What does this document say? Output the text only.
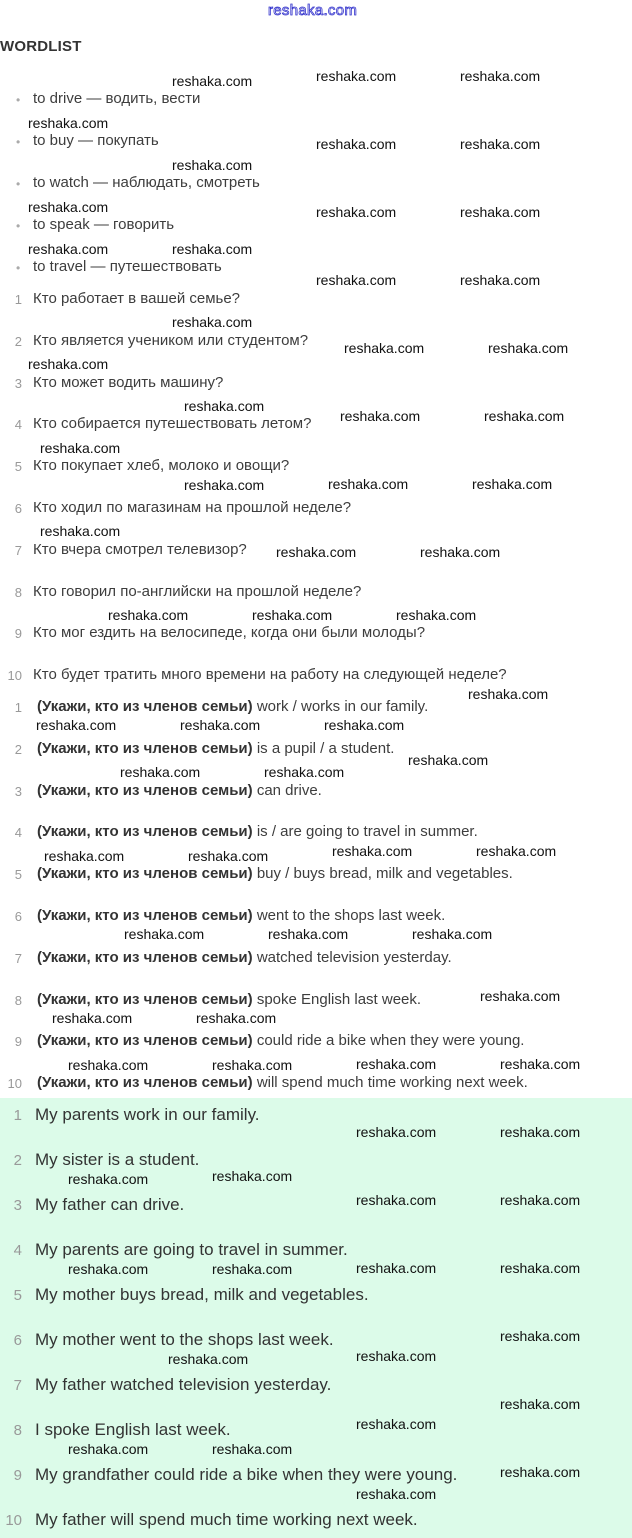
reshaka.com
WORDLIST
• to drive — водить, вести
• to buy — покупать
• to watch — наблюдать, смотреть
• to speak — говорить
• to travel — путешествовать
1 Кто работает в вашей семье?
2 Кто является учеником или студентом?
3 Кто может водить машину?
4 Кто собирается путешествовать летом?
5 Кто покупает хлеб, молоко и овощи?
6 Кто ходил по магазинам на прошлой неделе?
7 Кто вчера смотрел телевизор?
8 Кто говорил по-английски на прошлой неделе?
9 Кто мог ездить на велосипеде, когда они были молоды?
10 Кто будет тратить много времени на работу на следующей неделе?
1 (Укажи, кто из членов семьи) work / works in our family.
2 (Укажи, кто из членов семьи) is a pupil / a student.
3 (Укажи, кто из членов семьи) can drive.
4 (Укажи, кто из членов семьи) is / are going to travel in summer.
5 (Укажи, кто из членов семьи) buy / buys bread, milk and vegetables.
6 (Укажи, кто из членов семьи) went to the shops last week.
7 (Укажи, кто из членов семьи) watched television yesterday.
8 (Укажи, кто из членов семьи) spoke English last week.
9 (Укажи, кто из членов семьи) could ride a bike when they were young.
10 (Укажи, кто из членов семьи) will spend much time working next week.
1 My parents work in our family.
2 My sister is a student.
3 My father can drive.
4 My parents are going to travel in summer.
5 My mother buys bread, milk and vegetables.
6 My mother went to the shops last week.
7 My father watched television yesterday.
8 I spoke English last week.
9 My grandfather could ride a bike when they were young.
10 My father will spend much time working next week.
reshaka.com	reshaka.com	reshaka.com
reshaka.com
reshaka.com	reshaka.com
reshaka.com
reshaka.com	reshaka.com	reshaka.com
reshaka.com
reshaka.com
reshaka.com	reshaka.com
reshaka.com
reshaka.com	reshaka.com
reshaka.com
reshaka.com
reshaka.com	reshaka.com
reshaka.com
reshaka.com	reshaka.com	reshaka.com
reshaka.com
reshaka.com	reshaka.com
reshaka.com	reshaka.com	reshaka.com
reshaka.com	reshaka.com	reshaka.com
reshaka.com
reshaka.com
reshaka.com	reshaka.com
reshaka.com	reshaka.com
reshaka.com	reshaka.com
reshaka.com	reshaka.com	reshaka.com
reshaka.com
reshaka.com	reshaka.com
reshaka.com	reshaka.com
reshaka.com	reshaka.com
reshaka.com	reshaka.com
reshaka.com	reshaka.com
reshaka.com	reshaka.com
reshaka.com	reshaka.com	reshaka.com	reshaka.com
reshaka.com
reshaka.com	reshaka.com
reshaka.com
reshaka.com
reshaka.com	reshaka.com
reshaka.com
reshaka.com
